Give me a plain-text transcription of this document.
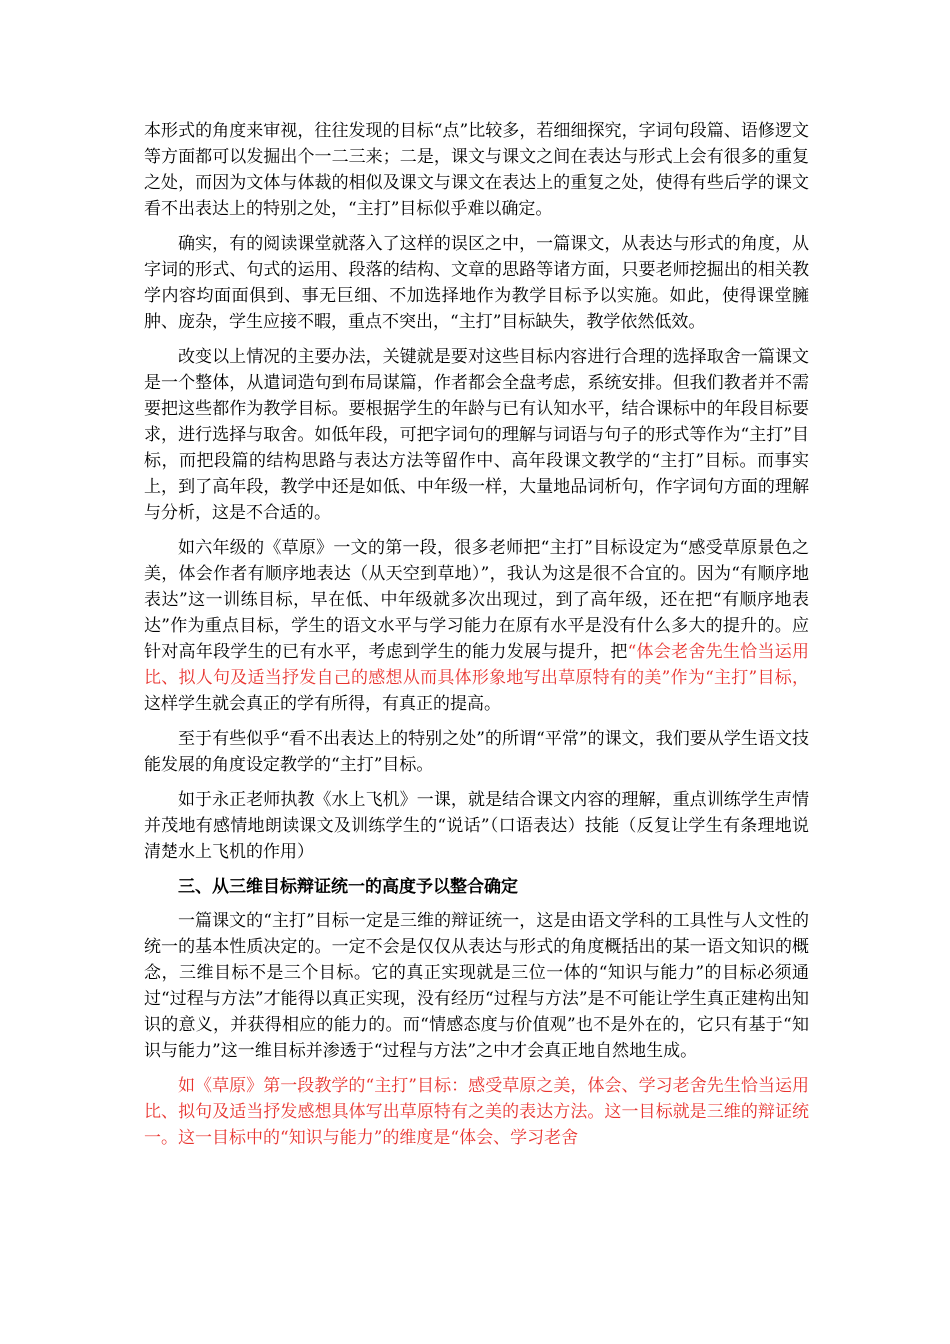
本形式的角度来审视，往往发现的目标“点”比较多，若细细探究，字词句段篇、语修逻文等方面都可以发掘出个一二三来；二是，课文与课文之间在表达与形式上会有很多的重复之处，而因为文体与体裁的相似及课文与课文在表达上的重复之处，使得有些后学的课文看不出表达上的特别之处，“主打”目标似乎难以确定。

确实，有的阅读课堂就落入了这样的误区之中，一篇课文，从表达与形式的角度，从字词的形式、句式的运用、段落的结构、文章的思路等诸方面，只要老师挖掘出的相关教学内容均面面俱到、事无巨细、不加选择地作为教学目标予以实施。如此，使得课堂臃肿、庞杂，学生应接不暇，重点不突出，“主打”目标缺失，教学依然低效。

改变以上情况的主要办法，关键就是要对这些目标内容进行合理的选择取舍一篇课文是一个整体，从遣词造句到布局谋篇，作者都会全盘考虑，系统安排。但我们教者并不需要把这些都作为教学目标。要根据学生的年龄与已有认知水平，结合课标中的年段目标要求，进行选择与取舍。如低年段，可把字词句的理解与词语与句子的形式等作为“主打”目标，而把段篇的结构思路与表达方法等留作中、高年段课文教学的“主打”目标。而事实上，到了高年段，教学中还是如低、中年级一样，大量地品词析句，作字词句方面的理解与分析，这是不合适的。

如六年级的《草原》一文的第一段，很多老师把“主打”目标设定为“感受草原景色之美，体会作者有顺序地表达（从天空到草地）”，我认为这是很不合宜的。因为“有顺序地表达”这一训练目标，早在低、中年级就多次出现过，到了高年级，还在把“有顺序地表达”作为重点目标，学生的语文水平与学习能力在原有水平是没有什么多大的提升的。应针对高年段学生的已有水平，考虑到学生的能力发展与提升，把“体会老舍先生恰当运用比、拟人句及适当抒发自己的感想从而具体形象地写出草原特有的美”作为“主打”目标，这样学生就会真正的学有所得，有真正的提高。

至于有些似乎“看不出表达上的特别之处”的所谓“平常”的课文，我们要从学生语文技能发展的角度设定教学的“主打”目标。

如于永正老师执教《水上飞机》一课，就是结合课文内容的理解，重点训练学生声情并茂地有感情地朗读课文及训练学生的“说话”（口语表达）技能（反复让学生有条理地说清楚水上飞机的作用）

三、从三维目标辩证统一的高度予以整合确定

一篇课文的“主打”目标一定是三维的辩证统一，这是由语文学科的工具性与人文性的统一的基本性质决定的。一定不会是仅仅从表达与形式的角度概括出的某一语文知识的概念，三维目标不是三个目标。它的真正实现就是三位一体的“知识与能力”的目标必须通过“过程与方法”才能得以真正实现，没有经历“过程与方法”是不可能让学生真正建构出知识的意义，并获得相应的能力的。而“情感态度与价值观”也不是外在的，它只有基于“知识与能力”这一维目标并渗透于“过程与方法”之中才会真正地自然地生成。

如《草原》第一段教学的“主打”目标：感受草原之美，体会、学习老舍先生恰当运用比、拟句及适当抒发感想具体写出草原特有之美的表达方法。这一目标就是三维的辩证统一。这一目标中的“知识与能力”的维度是“体会、学习老舍
